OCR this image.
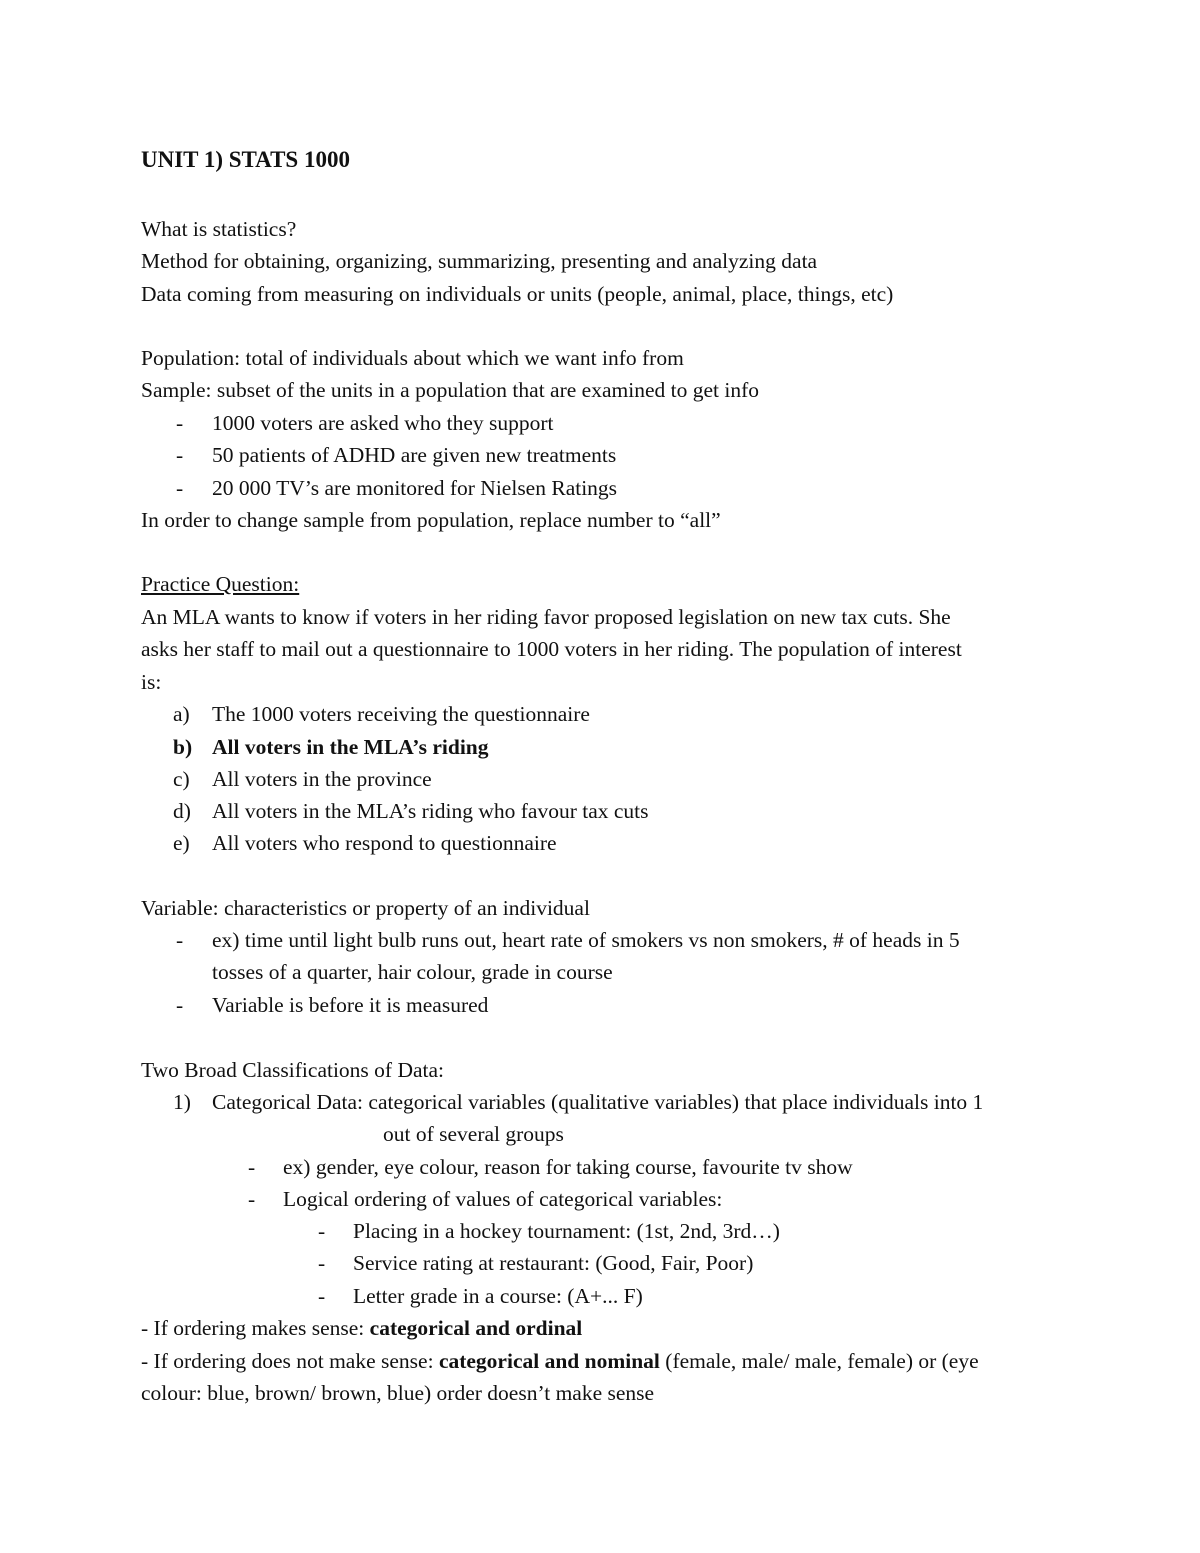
UNIT 1) STATS 1000
What is statistics?
Method for obtaining, organizing, summarizing, presenting and analyzing data
Data coming from measuring on individuals or units (people, animal, place, things, etc)
Population: total of individuals about which we want info from
Sample: subset of the units in a population that are examined to get info
- 1000 voters are asked who they support
- 50 patients of ADHD are given new treatments
- 20 000 TV’s are monitored for Nielsen Ratings
In order to change sample from population, replace number to “all”
Practice Question:
An MLA wants to know if voters in her riding favor proposed legislation on new tax cuts. She
asks her staff to mail out a questionnaire to 1000 voters in her riding. The population of interest
is:
a) The 1000 voters receiving the questionnaire
b) All voters in the MLA’s riding
c) All voters in the province
d) All voters in the MLA’s riding who favour tax cuts
e) All voters who respond to questionnaire
Variable: characteristics or property of an individual
- ex) time until light bulb runs out, heart rate of smokers vs non smokers, # of heads in 5
tosses of a quarter, hair colour, grade in course
- Variable is before it is measured
Two Broad Classifications of Data:
1) Categorical Data: categorical variables (qualitative variables) that place individuals into 1
out of several groups
- ex) gender, eye colour, reason for taking course, favourite tv show
- Logical ordering of values of categorical variables:
- Placing in a hockey tournament: (1st, 2nd, 3rd…)
- Service rating at restaurant: (Good, Fair, Poor)
- Letter grade in a course: (A+... F)
- If ordering makes sense: categorical and ordinal
- If ordering does not make sense: categorical and nominal (female, male/ male, female) or (eye
colour: blue, brown/ brown, blue) order doesn’t make sense
